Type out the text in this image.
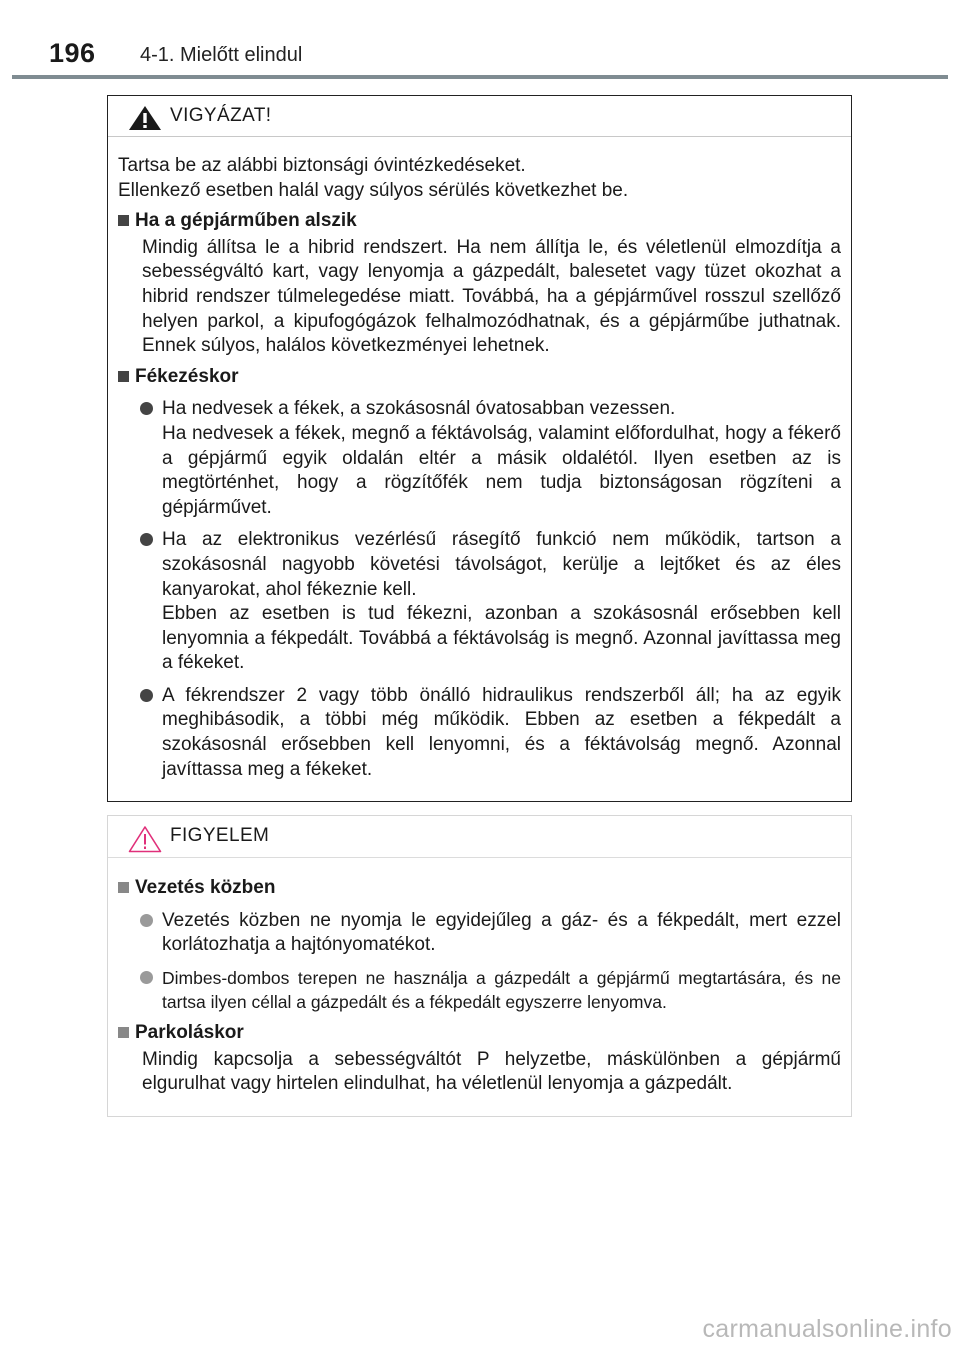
196 4-1. Mielőtt elindul
VIGYÁZAT!
Tartsa be az alábbi biztonsági óvintézkedéseket.
Ellenkező esetben halál vagy súlyos sérülés következhet be.
Ha a gépjárműben alszik
Mindig állítsa le a hibrid rendszert. Ha nem állítja le, és véletlenül elmozdítja a sebességváltó kart, vagy lenyomja a gázpedált, balesetet vagy tüzet okozhat a hibrid rendszer túlmelegedése miatt. Továbbá, ha a gépjárművel rosszul szellőző helyen parkol, a kipufogógázok felhalmozódhatnak, és a gépjárműbe juthatnak. Ennek súlyos, halálos következményei lehetnek.
Fékezéskor
Ha nedvesek a fékek, a szokásosnál óvatosabban vezessen.
Ha nedvesek a fékek, megnő a féktávolság, valamint előfordulhat, hogy a fékerő a gépjármű egyik oldalán eltér a másik oldalétól. Ilyen esetben az is megtörténhet, hogy a rögzítőfék nem tudja biztonságosan rögzíteni a gépjárművet.
Ha az elektronikus vezérlésű rásegítő funkció nem működik, tartson a szokásosnál nagyobb követési távolságot, kerülje a lejtőket és az éles kanyarokat, ahol fékeznie kell.
Ebben az esetben is tud fékezni, azonban a szokásosnál erősebben kell lenyomnia a fékpedált. Továbbá a féktávolság is megnő. Azonnal javíttassa meg a fékeket.
A fékrendszer 2 vagy több önálló hidraulikus rendszerből áll; ha az egyik meghibásodik, a többi még működik. Ebben az esetben a fékpedált a szokásosnál erősebben kell lenyomni, és a féktávolság megnő. Azonnal javíttassa meg a fékeket.
FIGYELEM
Vezetés közben
Vezetés közben ne nyomja le egyidejűleg a gáz- és a fékpedált, mert ezzel korlátozhatja a hajtónyomatékot.
Dimbes-dombos terepen ne használja a gázpedált a gépjármű megtartására, és ne tartsa ilyen céllal a gázpedált és a fékpedált egyszerre lenyomva.
Parkoláskor
Mindig kapcsolja a sebességváltót P helyzetbe, máskülönben a gépjármű elgurulhat vagy hirtelen elindulhat, ha véletlenül lenyomja a gázpedált.
carmanualsonline.info
